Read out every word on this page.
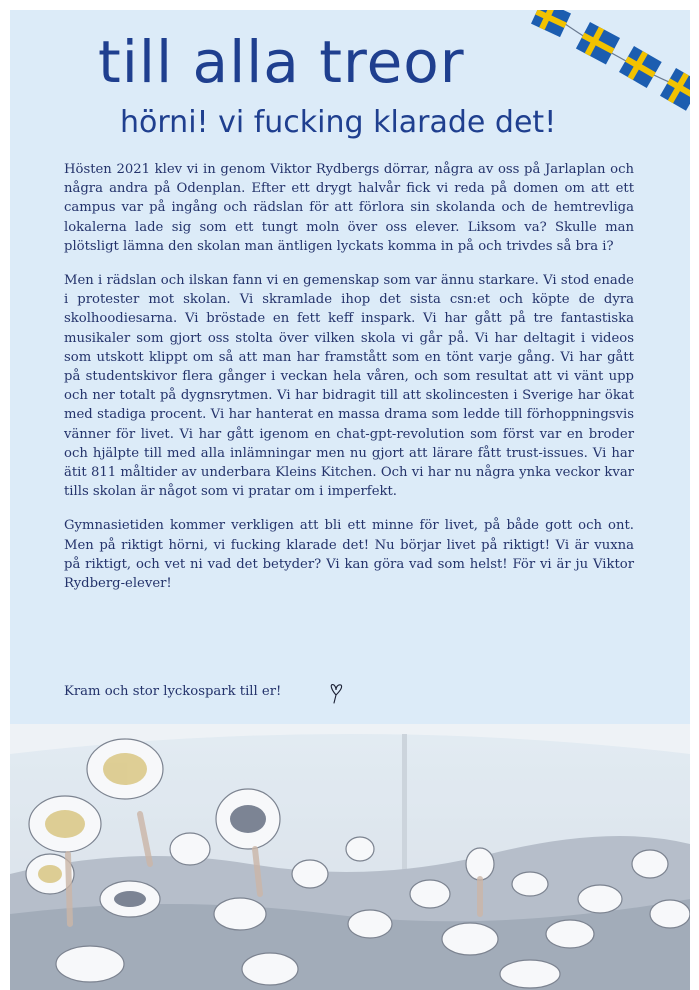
till alla treor
hörni! vi fucking klarade det!

Hösten 2021 klev vi in genom Viktor Rydbergs dörrar, några av oss på Jarlaplan och några andra på Odenplan. Efter ett drygt halvår fick vi reda på domen om att ett campus var på ingång och rädslan för att förlora sin skolanda och de hemtrevliga lokalerna lade sig som ett tungt moln över oss elever. Liksom va? Skulle man plötsligt lämna den skolan man äntligen lyckats komma in på och trivdes så bra i?

Men i rädslan och ilskan fann vi en gemenskap som var ännu starkare. Vi stod enade i protester mot skolan. Vi skramlade ihop det sista csn:et och köpte de dyra skolhoodiesarna. Vi bröstade en fett keff inspark. Vi har gått på tre fantastiska musikaler som gjort oss stolta över vilken skola vi går på. Vi har deltagit i videos som utskott klippt om så att man har framstått som en tönt varje gång. Vi har gått på studentskivor flera gånger i veckan hela våren, och som resultat att vi vänt upp och ner totalt på dygnsrytmen. Vi har bidragit till att skolincesten i Sverige har ökat med stadiga procent. Vi har hanterat en massa drama som ledde till förhoppningsvis vänner för livet. Vi har gått igenom en chat-gpt-revolution som först var en broder och hjälpte till med alla inlämningar men nu gjort att lärare fått trust-issues. Vi har ätit 811 måltider av underbara Kleins Kitchen. Och vi har nu några ynka veckor kvar tills skolan är något som vi pratar om i imperfekt.

Gymnasietiden kommer verkligen att bli ett minne för livet, på både gott och ont. Men på riktigt hörni, vi fucking klarade det! Nu börjar livet på riktigt! Vi är vuxna på riktigt, och vet ni vad det betyder? Vi kan göra vad som helst! För vi är ju Viktor Rydberg-elever!

Kram och stor lyckospark till er!
